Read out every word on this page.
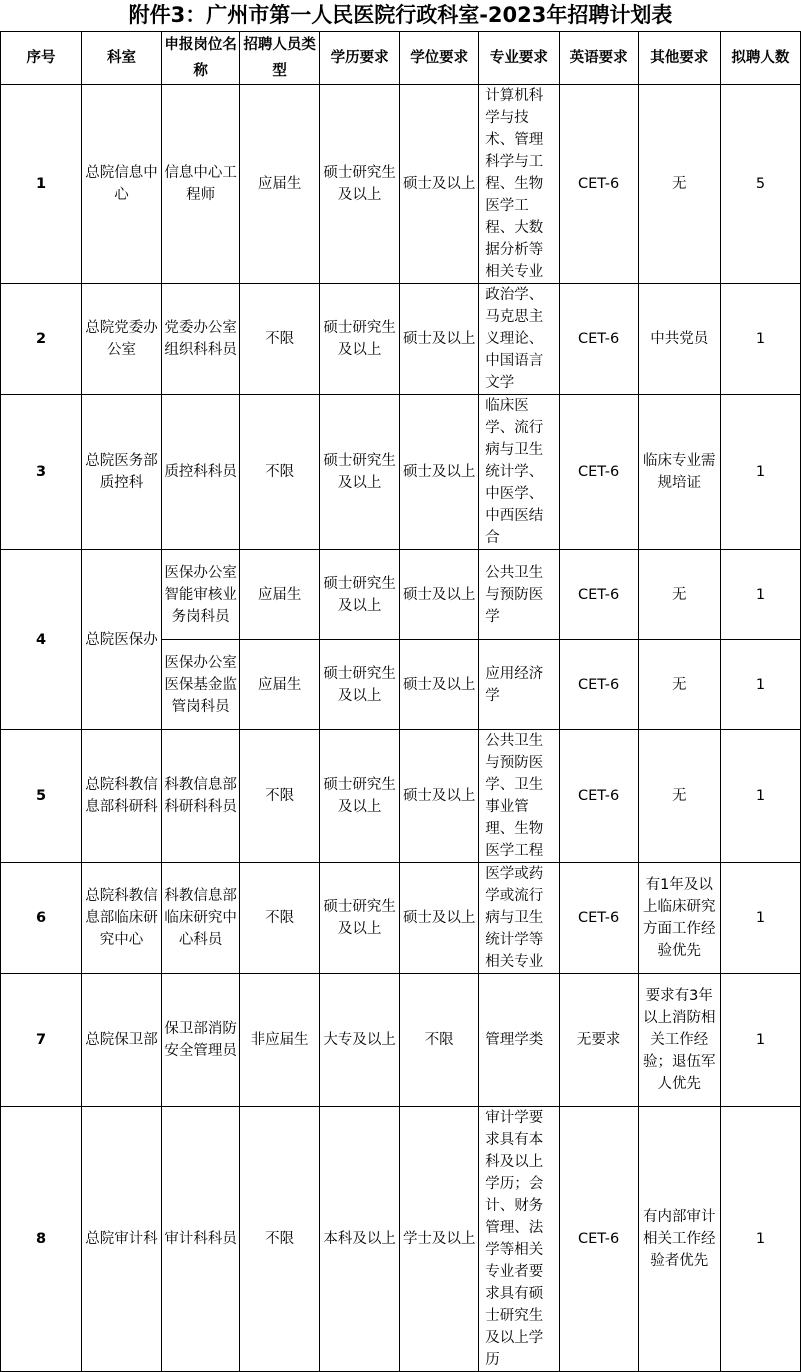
附件3：广州市第一人民医院行政科室-2023年招聘计划表
序号	科室	申报岗位名称	招聘人员类型	学历要求	学位要求	专业要求	英语要求	其他要求	拟聘人数
1	总院信息中心	信息中心工程师	应届生	硕士研究生及以上	硕士及以上	计算机科学与技术、管理科学与工程、生物医学工程、大数据分析等相关专业	CET-6	无	5
2	总院党委办公室	党委办公室组织科科员	不限	硕士研究生及以上	硕士及以上	政治学、马克思主义理论、中国语言文学	CET-6	中共党员	1
3	总院医务部质控科	质控科科员	不限	硕士研究生及以上	硕士及以上	临床医学、流行病与卫生统计学、中医学、中西医结合	CET-6	临床专业需规培证	1
4	总院医保办	医保办公室智能审核业务岗科员	应届生	硕士研究生及以上	硕士及以上	公共卫生与预防医学	CET-6	无	1
		医保办公室医保基金监管岗科员	应届生	硕士研究生及以上	硕士及以上	应用经济学	CET-6	无	1
5	总院科教信息部科研科	科教信息部科研科科员	不限	硕士研究生及以上	硕士及以上	公共卫生与预防医学、卫生事业管理、生物医学工程	CET-6	无	1
6	总院科教信息部临床研究中心	科教信息部临床研究中心科员	不限	硕士研究生及以上	硕士及以上	医学或药学或流行病与卫生统计学等相关专业	CET-6	有1年及以上临床研究方面工作经验优先	1
7	总院保卫部	保卫部消防安全管理员	非应届生	大专及以上	不限	管理学类	无要求	要求有3年以上消防相关工作经验；退伍军人优先	1
8	总院审计科	审计科科员	不限	本科及以上	学士及以上	审计学要求具有本科及以上学历；会计、财务管理、法学等相关专业者要求具有硕士研究生及以上学历	CET-6	有内部审计相关工作经验者优先	1
